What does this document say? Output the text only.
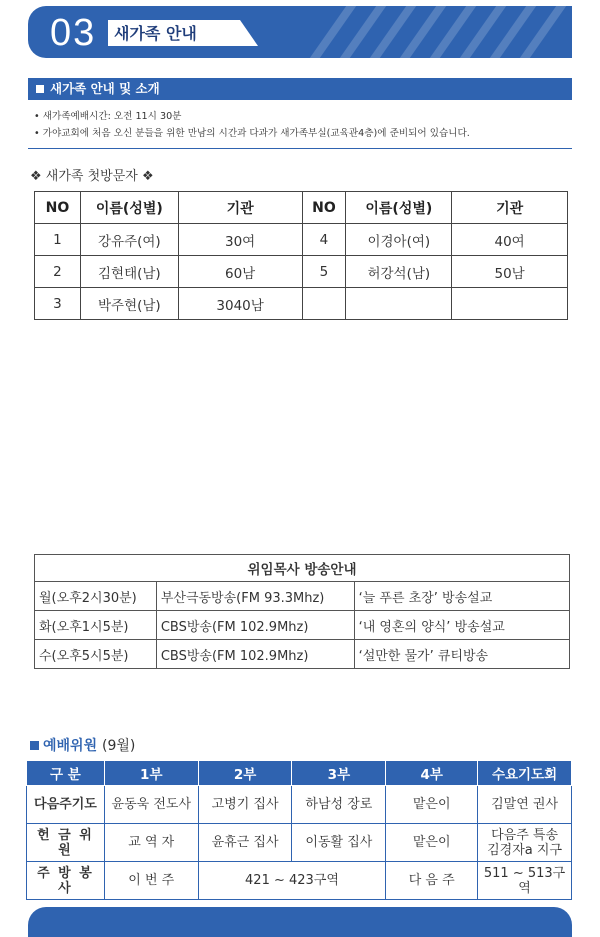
03 새가족 안내
새가족 안내 및 소개
• 새가족예배시간: 오전 11시 30분
• 가야교회에 처음 오신 분들을 위한 만남의 시간과 다과가 새가족부실(교육관4층)에 준비되어 있습니다.
❖ 새가족 첫방문자 ❖
NO	이름(성별)	기관	NO	이름(성별)	기관
1	강유주(여)	30여	4	이경아(여)	40여
2	김현태(남)	60남	5	허강석(남)	50남
3	박주현(남)	3040남			
위임목사 방송안내		
월(오후2시30분)	부산극동방송(FM 93.3Mhz)	‘늘 푸른 초장’ 방송설교
화(오후1시5분)	CBS방송(FM 102.9Mhz)	‘내 영혼의 양식’ 방송설교
수(오후5시5분)	CBS방송(FM 102.9Mhz)	‘설만한 물가’ 큐티방송
예배위원 (9월)
구 분	1부	2부	3부	4부	수요기도회
다음주기도	윤동욱 전도사	고병기 집사	하남성 장로	맡은이	김말연 권사
헌 금 위 원	교 역 자	윤휴근 집사	이동활 집사	맡은이	다음주 특송
김경자a 지구

주 방 봉 사	이 번 주	421 ~ 423구역		다 음 주	511 ~ 513구역
